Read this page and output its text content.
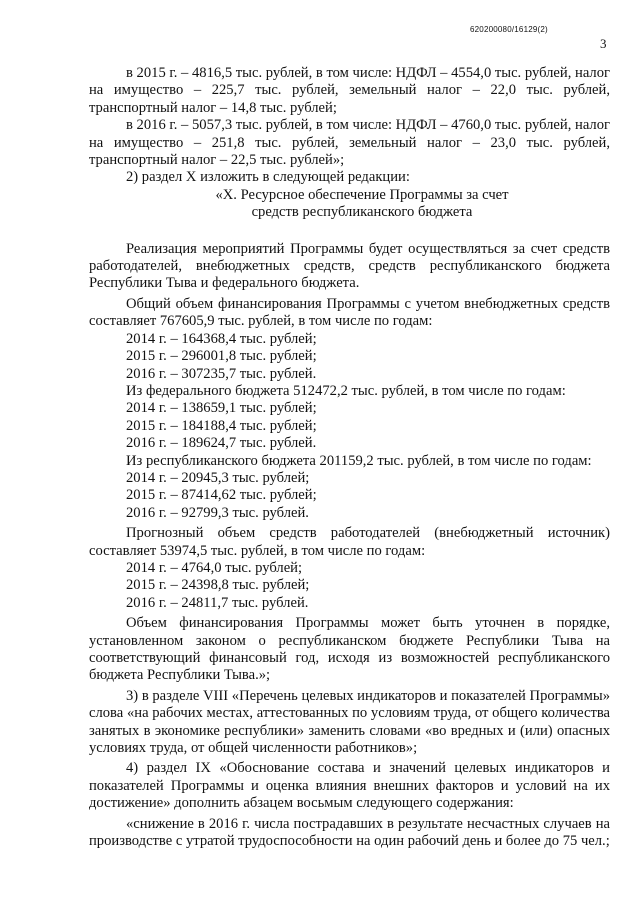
620200080/16129(2)
3

в 2015 г. – 4816,5 тыс. рублей, в том числе: НДФЛ – 4554,0 тыс. рублей, налог на имущество – 225,7 тыс. рублей, земельный налог – 22,0 тыс. рублей, транспортный налог – 14,8 тыс. рублей;

в 2016 г. – 5057,3 тыс. рублей, в том числе: НДФЛ – 4760,0 тыс. рублей, налог на имущество – 251,8 тыс. рублей, земельный налог – 23,0 тыс. рублей, транспортный налог – 22,5 тыс. рублей»;

2) раздел X изложить в следующей редакции:

«X. Ресурсное обеспечение Программы за счет
средств республиканского бюджета

Реализация мероприятий Программы будет осуществляться за счет средств работодателей, внебюджетных средств, средств республиканского бюджета Республики Тыва и федерального бюджета.

Общий объем финансирования Программы с учетом внебюджетных средств составляет 767605,9 тыс. рублей, в том числе по годам:

2014 г. – 164368,4 тыс. рублей;

2015 г. – 296001,8 тыс. рублей;

2016 г. – 307235,7 тыс. рублей.

Из федерального бюджета 512472,2 тыс. рублей, в том числе по годам:

2014 г. – 138659,1 тыс. рублей;

2015 г. – 184188,4 тыс. рублей;

2016 г. – 189624,7 тыс. рублей.

Из республиканского бюджета 201159,2 тыс. рублей, в том числе по годам:

2014 г. – 20945,3 тыс. рублей;

2015 г. – 87414,62 тыс. рублей;

2016 г. – 92799,3 тыс. рублей.

Прогнозный объем средств работодателей (внебюджетный источник) составляет 53974,5 тыс. рублей, в том числе по годам:

2014 г. – 4764,0 тыс. рублей;

2015 г. – 24398,8 тыс. рублей;

2016 г. – 24811,7 тыс. рублей.

Объем финансирования Программы может быть уточнен в порядке, установленном законом о республиканском бюджете Республики Тыва на соответствующий финансовый год, исходя из возможностей республиканского бюджета Республики Тыва.»;

3) в разделе VIII «Перечень целевых индикаторов и показателей Программы» слова «на рабочих местах, аттестованных по условиям труда, от общего количества занятых в экономике республики» заменить словами «во вредных и (или) опасных условиях труда, от общей численности работников»;

4) раздел IX «Обоснование состава и значений целевых индикаторов и показателей Программы и оценка влияния внешних факторов и условий на их достижение» дополнить абзацем восьмым следующего содержания:

«снижение в 2016 г. числа пострадавших в результате несчастных случаев на производстве с утратой трудоспособности на один рабочий день и более до 75 чел.;
